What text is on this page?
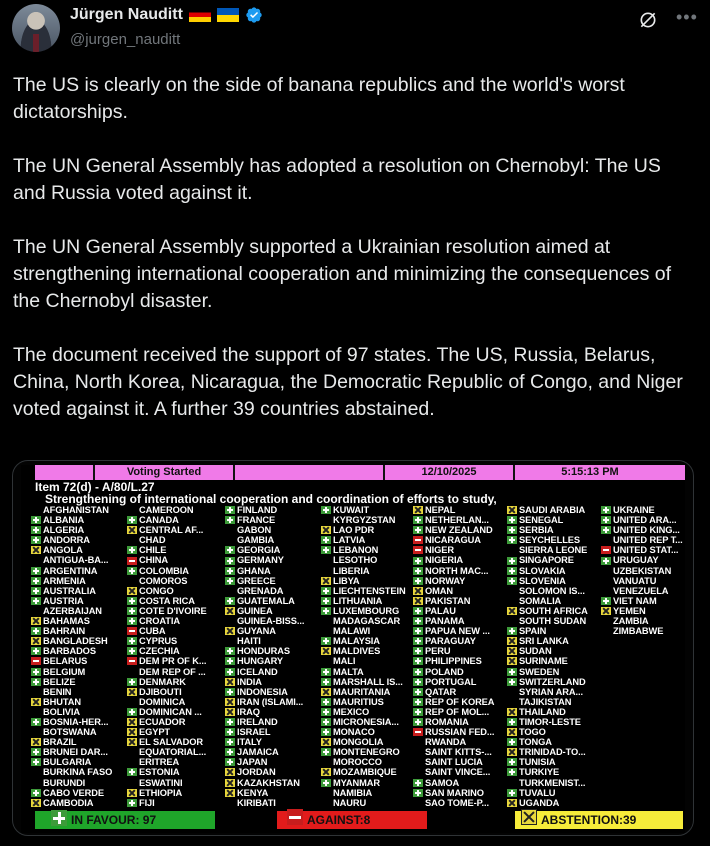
Jürgen Nauditt
@jurgen_nauditt
•••

The US is clearly on the side of banana republics and the world's worst dictatorships.

The UN General Assembly has adopted a resolution on Chernobyl: The US and Russia voted against it.

The UN General Assembly supported a Ukrainian resolution aimed at strengthening international cooperation and minimizing the consequences of the Chernobyl disaster.

The document received the support of 97 states. The US, Russia, Belarus, China, North Korea, Nicaragua, the Democratic Republic of Congo, and Niger voted against it. A further 39 countries abstained.

Voting Started	12/10/2025	5:15:13 PM
Item 72(d) - A/80/L.27
Strengthening of international cooperation and coordination of efforts to study,
AFGHANISTAN
ALBANIA
ALGERIA
ANDORRA
ANGOLA
ANTIGUA-BA...
ARGENTINA
ARMENIA
AUSTRALIA
AUSTRIA
AZERBAIJAN
BAHAMAS
BAHRAIN
BANGLADESH
BARBADOS
BELARUS
BELGIUM
BELIZE
BENIN
BHUTAN
BOLIVIA
BOSNIA-HER...
BOTSWANA
BRAZIL
BRUNEI DAR...
BULGARIA
BURKINA FASO
BURUNDI
CABO VERDE
CAMBODIA
CAMEROON
CANADA
CENTRAL AF...
CHAD
CHILE
CHINA
COLOMBIA
COMOROS
CONGO
COSTA RICA
COTE D'IVOIRE
CROATIA
CUBA
CYPRUS
CZECHIA
DEM PR OF K...
DEM REP OF ...
DENMARK
DJIBOUTI
DOMINICA
DOMINICAN ...
ECUADOR
EGYPT
EL SALVADOR
EQUATORIAL...
ERITREA
ESTONIA
ESWATINI
ETHIOPIA
FIJI
FINLAND
FRANCE
GABON
GAMBIA
GEORGIA
GERMANY
GHANA
GREECE
GRENADA
GUATEMALA
GUINEA
GUINEA-BISS...
GUYANA
HAITI
HONDURAS
HUNGARY
ICELAND
INDIA
INDONESIA
IRAN (ISLAMI...
IRAQ
IRELAND
ISRAEL
ITALY
JAMAICA
JAPAN
JORDAN
KAZAKHSTAN
KENYA
KIRIBATI
KUWAIT
KYRGYZSTAN
LAO PDR
LATVIA
LEBANON
LESOTHO
LIBERIA
LIBYA
LIECHTENSTEIN
LITHUANIA
LUXEMBOURG
MADAGASCAR
MALAWI
MALAYSIA
MALDIVES
MALI
MALTA
MARSHALL IS...
MAURITANIA
MAURITIUS
MEXICO
MICRONESIA...
MONACO
MONGOLIA
MONTENEGRO
MOROCCO
MOZAMBIQUE
MYANMAR
NAMIBIA
NAURU
NEPAL
NETHERLAN...
NEW ZEALAND
NICARAGUA
NIGER
NIGERIA
NORTH MAC...
NORWAY
OMAN
PAKISTAN
PALAU
PANAMA
PAPUA NEW ...
PARAGUAY
PERU
PHILIPPINES
POLAND
PORTUGAL
QATAR
REP OF KOREA
REP OF MOL...
ROMANIA
RUSSIAN FED...
RWANDA
SAINT KITTS-...
SAINT LUCIA
SAINT VINCE...
SAMOA
SAN MARINO
SAO TOME-P...
SAUDI ARABIA
SENEGAL
SERBIA
SEYCHELLES
SIERRA LEONE
SINGAPORE
SLOVAKIA
SLOVENIA
SOLOMON IS...
SOMALIA
SOUTH AFRICA
SOUTH SUDAN
SPAIN
SRI LANKA
SUDAN
SURINAME
SWEDEN
SWITZERLAND
SYRIAN ARA...
TAJIKISTAN
THAILAND
TIMOR-LESTE
TOGO
TONGA
TRINIDAD-TO...
TUNISIA
TURKIYE
TURKMENIST...
TUVALU
UGANDA
UKRAINE
UNITED ARA...
UNITED KING...
UNITED REP T...
UNITED STAT...
URUGUAY
UZBEKISTAN
VANUATU
VENEZUELA
VIET NAM
YEMEN
ZAMBIA
ZIMBABWE
IN FAVOUR: 97	AGAINST:8	ABSTENTION:39
